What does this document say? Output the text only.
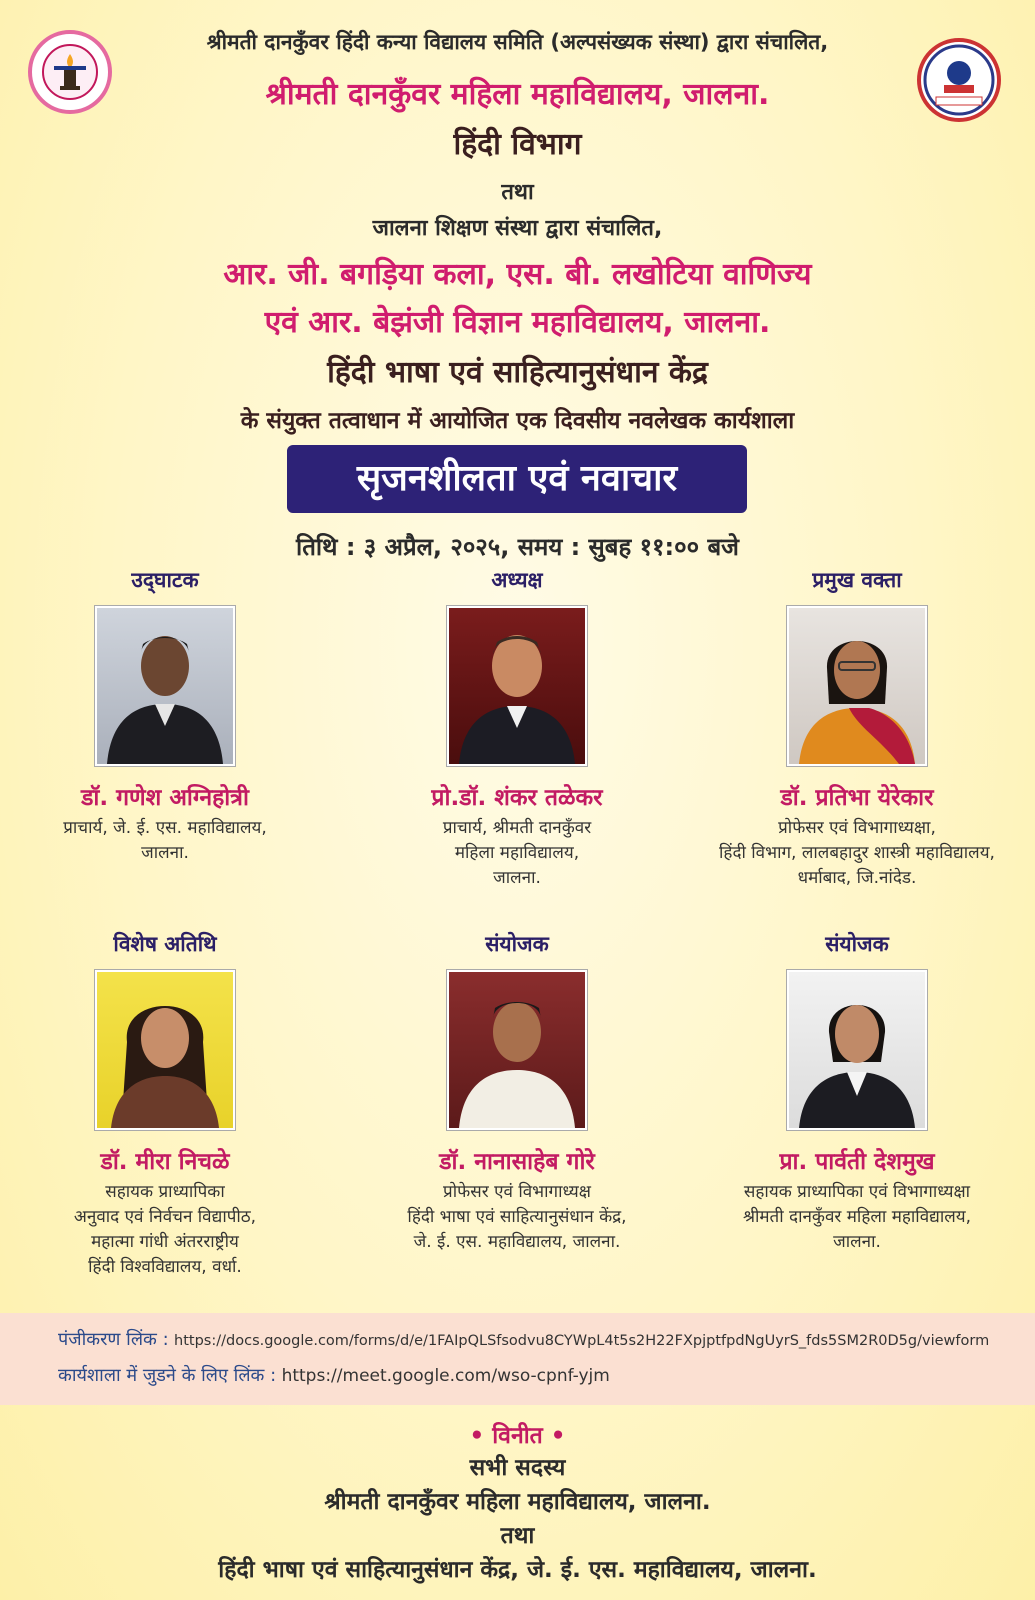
श्रीमती दानकुँवर हिंदी कन्या विद्यालय समिति (अल्पसंख्यक संस्था) द्वारा संचालित,
श्रीमती दानकुँवर महिला महाविद्यालय, जालना.
हिंदी विभाग
तथा
जालना शिक्षण संस्था द्वारा संचालित,
आर. जी. बगड़िया कला, एस. बी. लखोटिया वाणिज्य
एवं आर. बेझंजी विज्ञान महाविद्यालय, जालना.
हिंदी भाषा एवं साहित्यानुसंधान केंद्र
के संयुक्त तत्वाधान में आयोजित एक दिवसीय नवलेखक कार्यशाला
सृजनशीलता एवं नवाचार
तिथि : ३ अप्रैल, २०२५, समय : सुबह ११:०० बजे
उद्‍घाटक
डॉ. गणेश अग्निहोत्री
प्राचार्य, जे. ई. एस. महाविद्यालय,
जालना.
अध्यक्ष
प्रो.डॉ. शंकर तळेकर
प्राचार्य, श्रीमती दानकुँवर
महिला महाविद्यालय,
जालना.
प्रमुख वक्ता
डॉ. प्रतिभा येरेकार
प्रोफेसर एवं विभागाध्यक्षा,
हिंदी विभाग, लालबहादुर शास्त्री महाविद्यालय,
धर्माबाद, जि.नांदेड.
विशेष अतिथि
डॉ. मीरा निचळे
सहायक प्राध्यापिका
अनुवाद एवं निर्वचन विद्यापीठ,
महात्मा गांधी अंतरराष्ट्रीय
हिंदी विश्वविद्यालय, वर्धा.
संयोजक
डॉ. नानासाहेब गोरे
प्रोफेसर एवं विभागाध्यक्ष
हिंदी भाषा एवं साहित्यानुसंधान केंद्र,
जे. ई. एस. महाविद्यालय, जालना.
संयोजक
प्रा. पार्वती देशमुख
सहायक प्राध्यापिका एवं विभागाध्यक्षा
श्रीमती दानकुँवर महिला महाविद्यालय,
जालना.
पंजीकरण लिंक : https://docs.google.com/forms/d/e/1FAIpQLSfsodvu8CYWpL4t5s2H22FXpjptfpdNgUyrS_fds5SM2R0D5g/viewform
कार्यशाला में जुडने के लिए लिंक : https://meet.google.com/wso-cpnf-yjm
• विनीत •
सभी सदस्य
श्रीमती दानकुँवर महिला महाविद्यालय, जालना.
तथा
हिंदी भाषा एवं साहित्यानुसंधान केंद्र, जे. ई. एस. महाविद्यालय, जालना.
